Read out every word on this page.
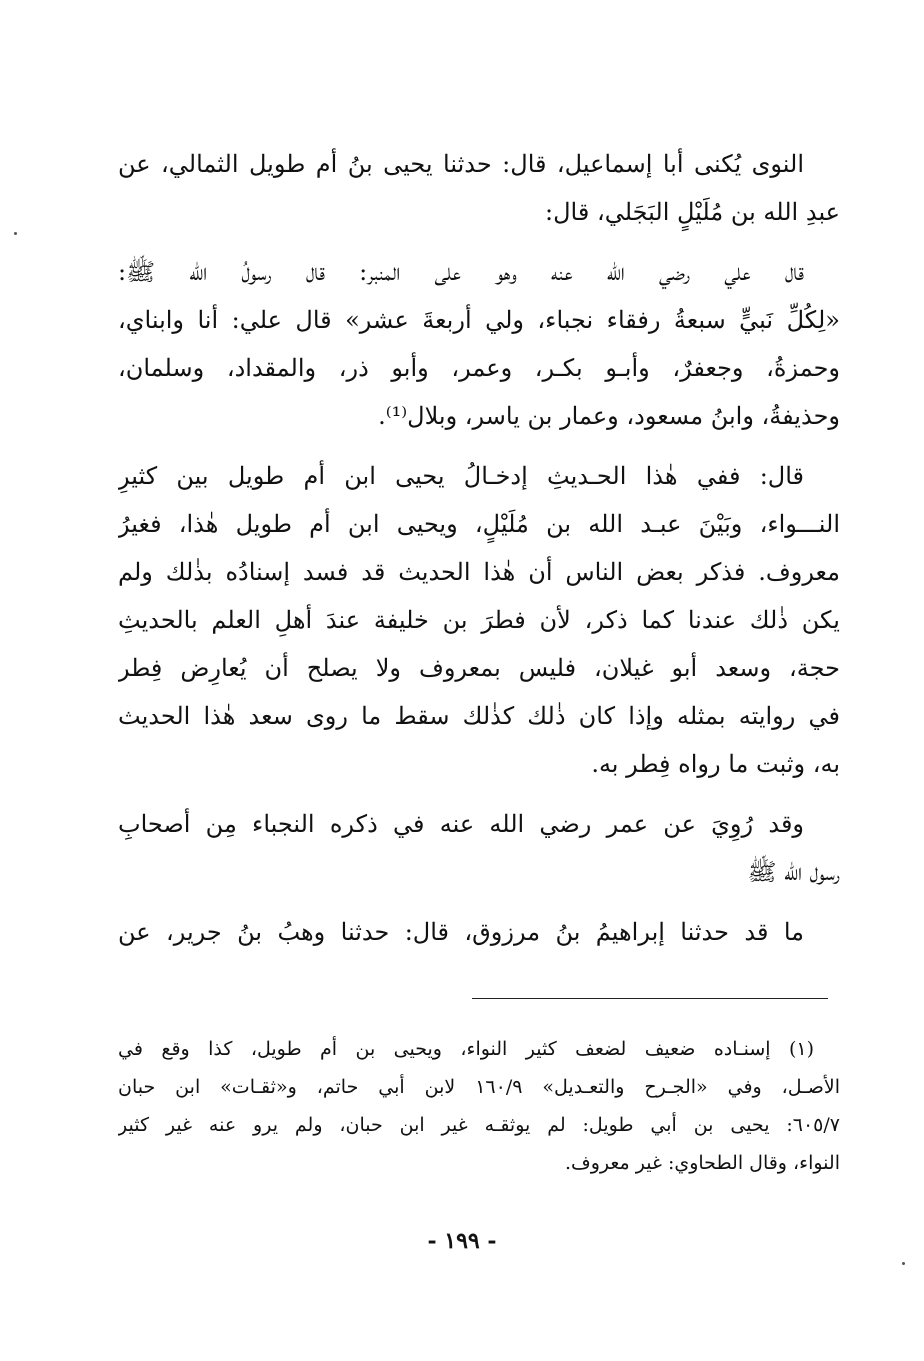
النوى يُكنى أبا إسماعيل، قال: حدثنا يحيى بنُ أم طويل الثمالي، عن
عبدِ الله بن مُلَيْلٍ البَجَلي، قال:
قال علي رضي الله عنه وهو على المنبر: قال رسولُ الله ﷺ:
«لِكُلِّ نَبيٍّ سبعةُ رفقاء نجباء، ولي أربعةَ عشر» قال علي: أنا وابناي،
وحمزةُ، وجعفرٌ، وأبـو بكـر، وعمر، وأبو ذر، والمقداد، وسلمان،
وحذيفةُ، وابنُ مسعود، وعمار بن ياسر، وبلال⁽¹⁾.
قال: ففي هٰذا الحـديثِ إدخـالُ يحيى ابن أم طويل بين كثيرِ
النـــواء، وبَيْنَ عبـد الله بن مُلَيْلٍ، ويحيى ابن أم طويل هٰذا، فغيرُ
معروف. فذكر بعض الناس أن هٰذا الحديث قد فسد إسنادُه بذٰلك ولم
يكن ذٰلك عندنا كما ذكر، لأن فطرَ بن خليفة عندَ أهلِ العلم بالحديثِ
حجة، وسعد أبو غيلان، فليس بمعروف ولا يصلح أن يُعارِض فِطر
في روايته بمثله وإذا كان ذٰلك كذٰلك سقط ما روى سعد هٰذا الحديث
به، وثبت ما رواه فِطر به.
وقد رُوِيَ عن عمر رضي الله عنه في ذكره النجباء مِن أصحابِ
رسول الله ﷺ
ما قد حدثنا إبراهيمُ بنُ مرزوق، قال: حدثنا وهبُ بنُ جرير، عن
(١) إسنـاده ضعيف لضعف كثير النواء، ويحيى بن أم طويل، كذا وقع في
الأصـل، وفي «الجـرح والتعـديل» ١٦٠/٩ لابن أبي حاتم، و«ثقـات» ابن حبان
٦٠٥/٧: يحيى بن أبي طويل: لم يوثقـه غير ابن حبان، ولم يرو عنه غير كثير
النواء، وقال الطحاوي: غير معروف.
- ١٩٩ -
